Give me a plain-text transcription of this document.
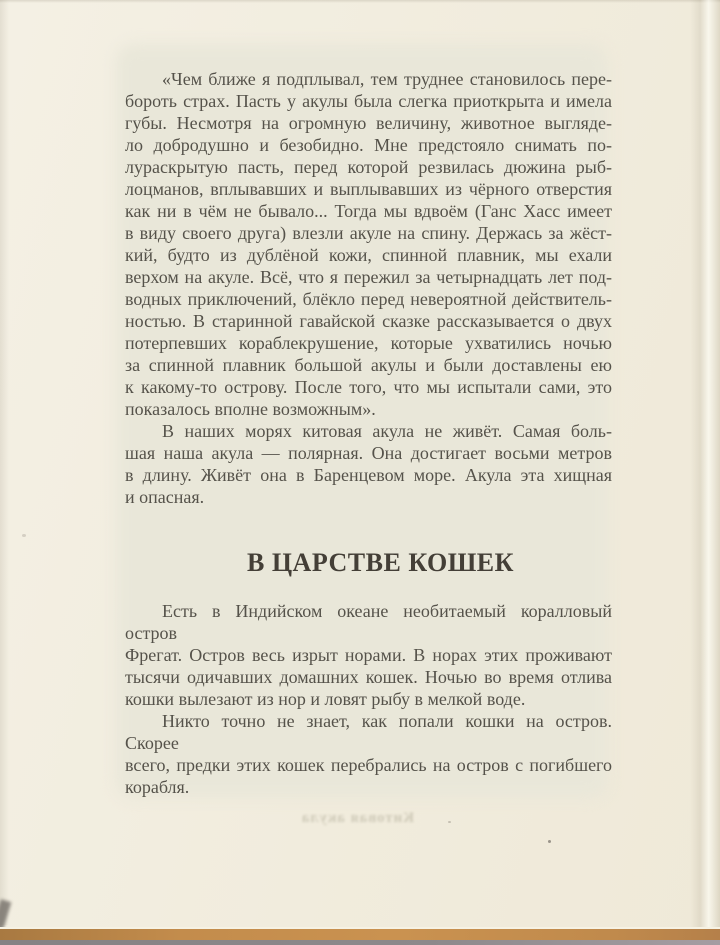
«Чем ближе я подплывал, тем труднее становилось пере-
бороть страх. Пасть у акулы была слегка приоткрыта и имела
губы. Несмотря на огромную величину, животное выгляде-
ло добродушно и безобидно. Мне предстояло снимать по-
лураскрытую пасть, перед которой резвилась дюжина рыб-
лоцманов, вплывавших и выплывавших из чёрного отверстия
как ни в чём не бывало... Тогда мы вдвоём (Ганс Хасс имеет
в виду своего друга) влезли акуле на спину. Держась за жёст-
кий, будто из дублёной кожи, спинной плавник, мы ехали
верхом на акуле. Всё, что я пережил за четырнадцать лет под-
водных приключений, блёкло перед невероятной действитель-
ностью. В старинной гавайской сказке рассказывается о двух
потерпевших кораблекрушение, которые ухватились ночью
за спинной плавник большой акулы и были доставлены ею
к какому-то острову. После того, что мы испытали сами, это
показалось вполне возможным».
В наших морях китовая акула не живёт. Самая боль-
шая наша акула — полярная. Она достигает восьми метров
в длину. Живёт она в Баренцевом море. Акула эта хищная
и опасная.
В ЦАРСТВЕ КОШЕК
Есть в Индийском океане необитаемый коралловый остров
Фрегат. Остров весь изрыт норами. В норах этих проживают
тысячи одичавших домашних кошек. Ночью во время отлива
кошки вылезают из нор и ловят рыбу в мелкой воде.
Никто точно не знает, как попали кошки на остров. Скорее
всего, предки этих кошек перебрались на остров с погибшего
корабля.
Китовая акула
